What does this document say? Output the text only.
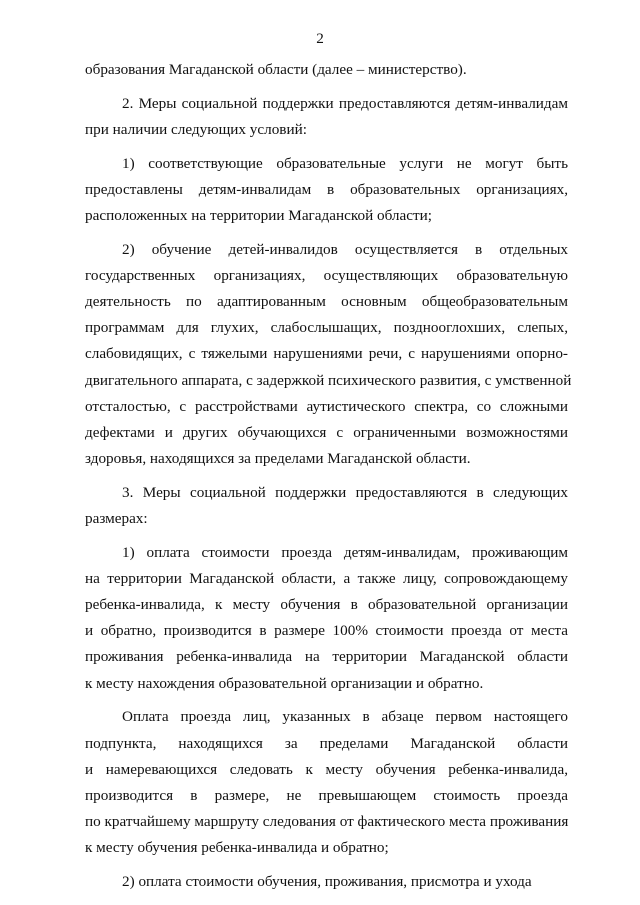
2
образования Магаданской области (далее – министерство).
2. Меры социальной поддержки предоставляются детям-инвалидам
при наличии следующих условий:
1) соответствующие образовательные услуги не могут быть
предоставлены детям-инвалидам в образовательных организациях,
расположенных на территории Магаданской области;
2) обучение детей-инвалидов осуществляется в отдельных
государственных организациях, осуществляющих образовательную
деятельность по адаптированным основным общеобразовательным
программам для глухих, слабослышащих, позднооглохших, слепых,
слабовидящих, с тяжелыми нарушениями речи, с нарушениями опорно-
двигательного аппарата, с задержкой психического развития, с умственной
отсталостью, с расстройствами аутистического спектра, со сложными
дефектами и других обучающихся с ограниченными возможностями
здоровья, находящихся за пределами Магаданской области.
3. Меры социальной поддержки предоставляются в следующих
размерах:
1) оплата стоимости проезда детям-инвалидам, проживающим
на территории Магаданской области, а также лицу, сопровождающему
ребенка-инвалида, к месту обучения в образовательной организации
и обратно, производится в размере 100% стоимости проезда от места
проживания ребенка-инвалида на территории Магаданской области
к месту нахождения образовательной организации и обратно.
Оплата проезда лиц, указанных в абзаце первом настоящего
подпункта, находящихся за пределами Магаданской области
и намеревающихся следовать к месту обучения ребенка-инвалида,
производится в размере, не превышающем стоимость проезда
по кратчайшему маршруту следования от фактического места проживания
к месту обучения ребенка-инвалида и обратно;
2) оплата стоимости обучения, проживания, присмотра и ухода
